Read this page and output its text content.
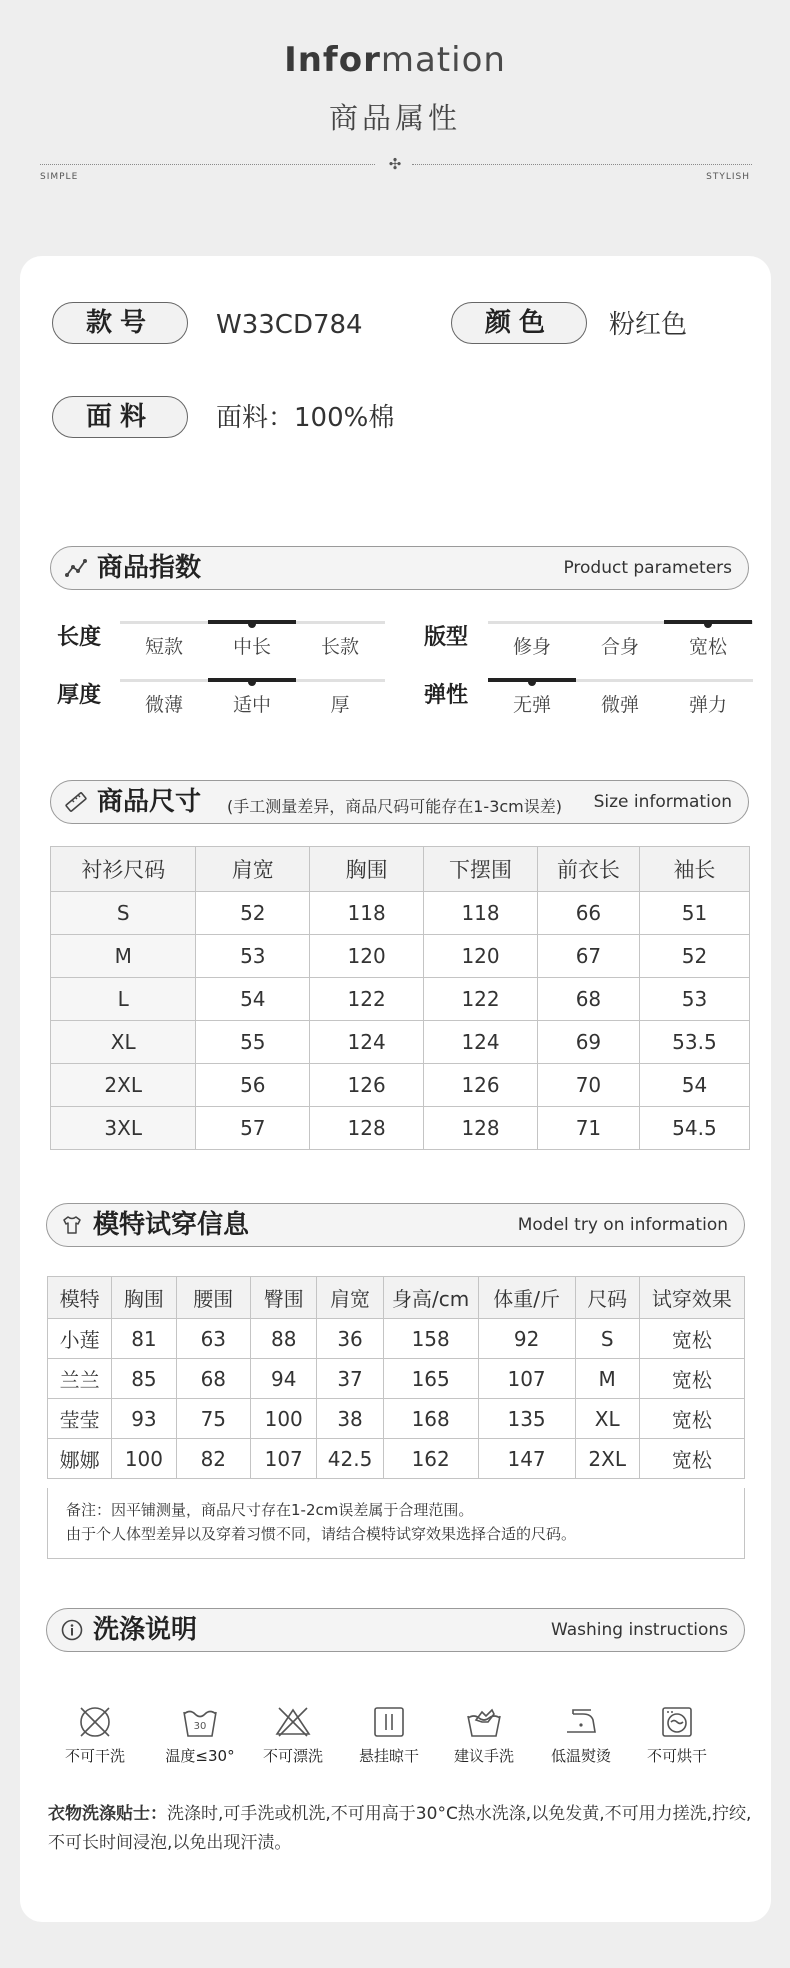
Information
商品属性
✣
SIMPLE	STYLISH
款号	W33CD784	颜色	粉红色
面料	面料：100%棉
商品指数	Product parameters
长度	短款	中长	长款	版型	修身	合身	宽松
厚度	微薄	适中	厚	弹性	无弹	微弹	弹力
商品尺寸 (手工测量差异，商品尺码可能存在1-3cm误差) Size information
衬衫尺码	肩宽	胸围	下摆围	前衣长	袖长
S	52	118	118	66	51
M	53	120	120	67	52
L	54	122	122	68	53
XL	55	124	124	69	53.5
2XL	56	126	126	70	54
3XL	57	128	128	71	54.5
模特试穿信息	Model try on information
模特	胸围	腰围	臀围	肩宽	身高/cm	体重/斤	尺码	试穿效果
小莲	81	63	88	36	158	92	S	宽松
兰兰	85	68	94	37	165	107	M	宽松
莹莹	93	75	100	38	168	135	XL	宽松
娜娜	100	82	107	42.5	162	147	2XL	宽松
备注：因平铺测量，商品尺寸存在1-2cm误差属于合理范围。
由于个人体型差异以及穿着习惯不同，请结合模特试穿效果选择合适的尺码。
洗涤说明	Washing instructions
不可干洗
30
温度≤30°	不可漂洗	悬挂晾干	建议手洗	低温熨烫	不可烘干
衣物洗涤贴士：洗涤时,可手洗或机洗,不可用高于30°C热水洗涤,以免发黄,不可用力搓洗,拧绞,不可长时间浸泡,以免出现汗渍。
